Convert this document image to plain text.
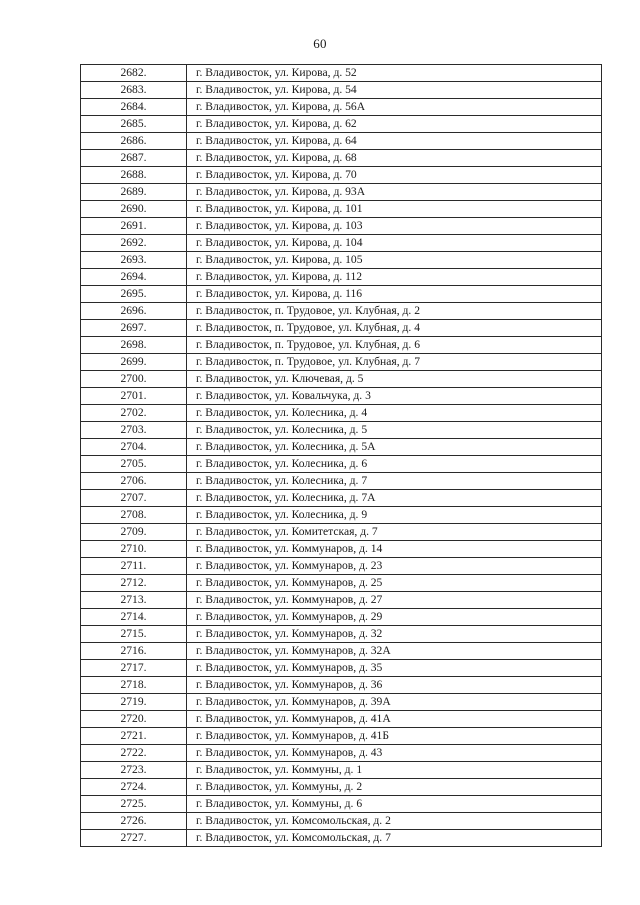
60
2682.	г. Владивосток, ул. Кирова, д. 52
2683.	г. Владивосток, ул. Кирова, д. 54
2684.	г. Владивосток, ул. Кирова, д. 56А
2685.	г. Владивосток, ул. Кирова, д. 62
2686.	г. Владивосток, ул. Кирова, д. 64
2687.	г. Владивосток, ул. Кирова, д. 68
2688.	г. Владивосток, ул. Кирова, д. 70
2689.	г. Владивосток, ул. Кирова, д. 93А
2690.	г. Владивосток, ул. Кирова, д. 101
2691.	г. Владивосток, ул. Кирова, д. 103
2692.	г. Владивосток, ул. Кирова, д. 104
2693.	г. Владивосток, ул. Кирова, д. 105
2694.	г. Владивосток, ул. Кирова, д. 112
2695.	г. Владивосток, ул. Кирова, д. 116
2696.	г. Владивосток, п. Трудовое, ул. Клубная, д. 2
2697.	г. Владивосток, п. Трудовое, ул. Клубная, д. 4
2698.	г. Владивосток, п. Трудовое, ул. Клубная, д. 6
2699.	г. Владивосток, п. Трудовое, ул. Клубная, д. 7
2700.	г. Владивосток, ул. Ключевая, д. 5
2701.	г. Владивосток, ул. Ковальчука, д. 3
2702.	г. Владивосток, ул. Колесника, д. 4
2703.	г. Владивосток, ул. Колесника, д. 5
2704.	г. Владивосток, ул. Колесника, д. 5А
2705.	г. Владивосток, ул. Колесника, д. 6
2706.	г. Владивосток, ул. Колесника, д. 7
2707.	г. Владивосток, ул. Колесника, д. 7А
2708.	г. Владивосток, ул. Колесника, д. 9
2709.	г. Владивосток, ул. Комитетская, д. 7
2710.	г. Владивосток, ул. Коммунаров, д. 14
2711.	г. Владивосток, ул. Коммунаров, д. 23
2712.	г. Владивосток, ул. Коммунаров, д. 25
2713.	г. Владивосток, ул. Коммунаров, д. 27
2714.	г. Владивосток, ул. Коммунаров, д. 29
2715.	г. Владивосток, ул. Коммунаров, д. 32
2716.	г. Владивосток, ул. Коммунаров, д. 32А
2717.	г. Владивосток, ул. Коммунаров, д. 35
2718.	г. Владивосток, ул. Коммунаров, д. 36
2719.	г. Владивосток, ул. Коммунаров, д. 39А
2720.	г. Владивосток, ул. Коммунаров, д. 41А
2721.	г. Владивосток, ул. Коммунаров, д. 41Б
2722.	г. Владивосток, ул. Коммунаров, д. 43
2723.	г. Владивосток, ул. Коммуны, д. 1
2724.	г. Владивосток, ул. Коммуны, д. 2
2725.	г. Владивосток, ул. Коммуны, д. 6
2726.	г. Владивосток, ул. Комсомольская, д. 2
2727.	г. Владивосток, ул. Комсомольская, д. 7
